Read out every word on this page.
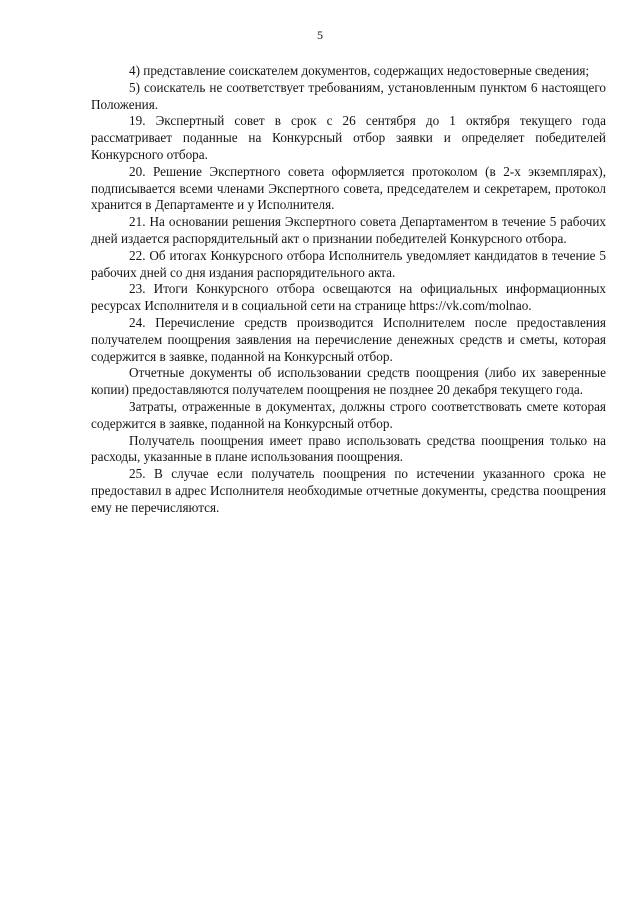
5

4) представление соискателем документов, содержащих недостоверные сведения;

5) соискатель не соответствует требованиям, установленным пунктом 6 настоящего Положения.

19. Экспертный совет в срок с 26 сентября до 1 октября текущего года рассматривает поданные на Конкурсный отбор заявки и определяет победителей Конкурсного отбора.

20. Решение Экспертного совета оформляется протоколом (в 2-х экземплярах), подписывается всеми членами Экспертного совета, председателем и секретарем, протокол хранится в Департаменте и у Исполнителя.

21. На основании решения Экспертного совета Департаментом в течение 5 рабочих дней издается распорядительный акт о признании победителей Конкурсного отбора.

22. Об итогах Конкурсного отбора Исполнитель уведомляет кандидатов в течение 5 рабочих дней со дня издания распорядительного акта.

23. Итоги Конкурсного отбора освещаются на официальных информационных ресурсах Исполнителя и в социальной сети на странице https://vk.com/molnao.

24. Перечисление средств производится Исполнителем после предоставления получателем поощрения заявления на перечисление денежных средств и сметы, которая содержится в заявке, поданной на Конкурсный отбор.

Отчетные документы об использовании средств поощрения (либо их заверенные копии) предоставляются получателем поощрения не позднее 20 декабря текущего года.

Затраты, отраженные в документах, должны строго соответствовать смете которая содержится в заявке, поданной на Конкурсный отбор.

Получатель поощрения имеет право использовать средства поощрения только на расходы, указанные в плане использования поощрения.

25. В случае если получатель поощрения по истечении указанного срока не предоставил в адрес Исполнителя необходимые отчетные документы, средства поощрения ему не перечисляются.
